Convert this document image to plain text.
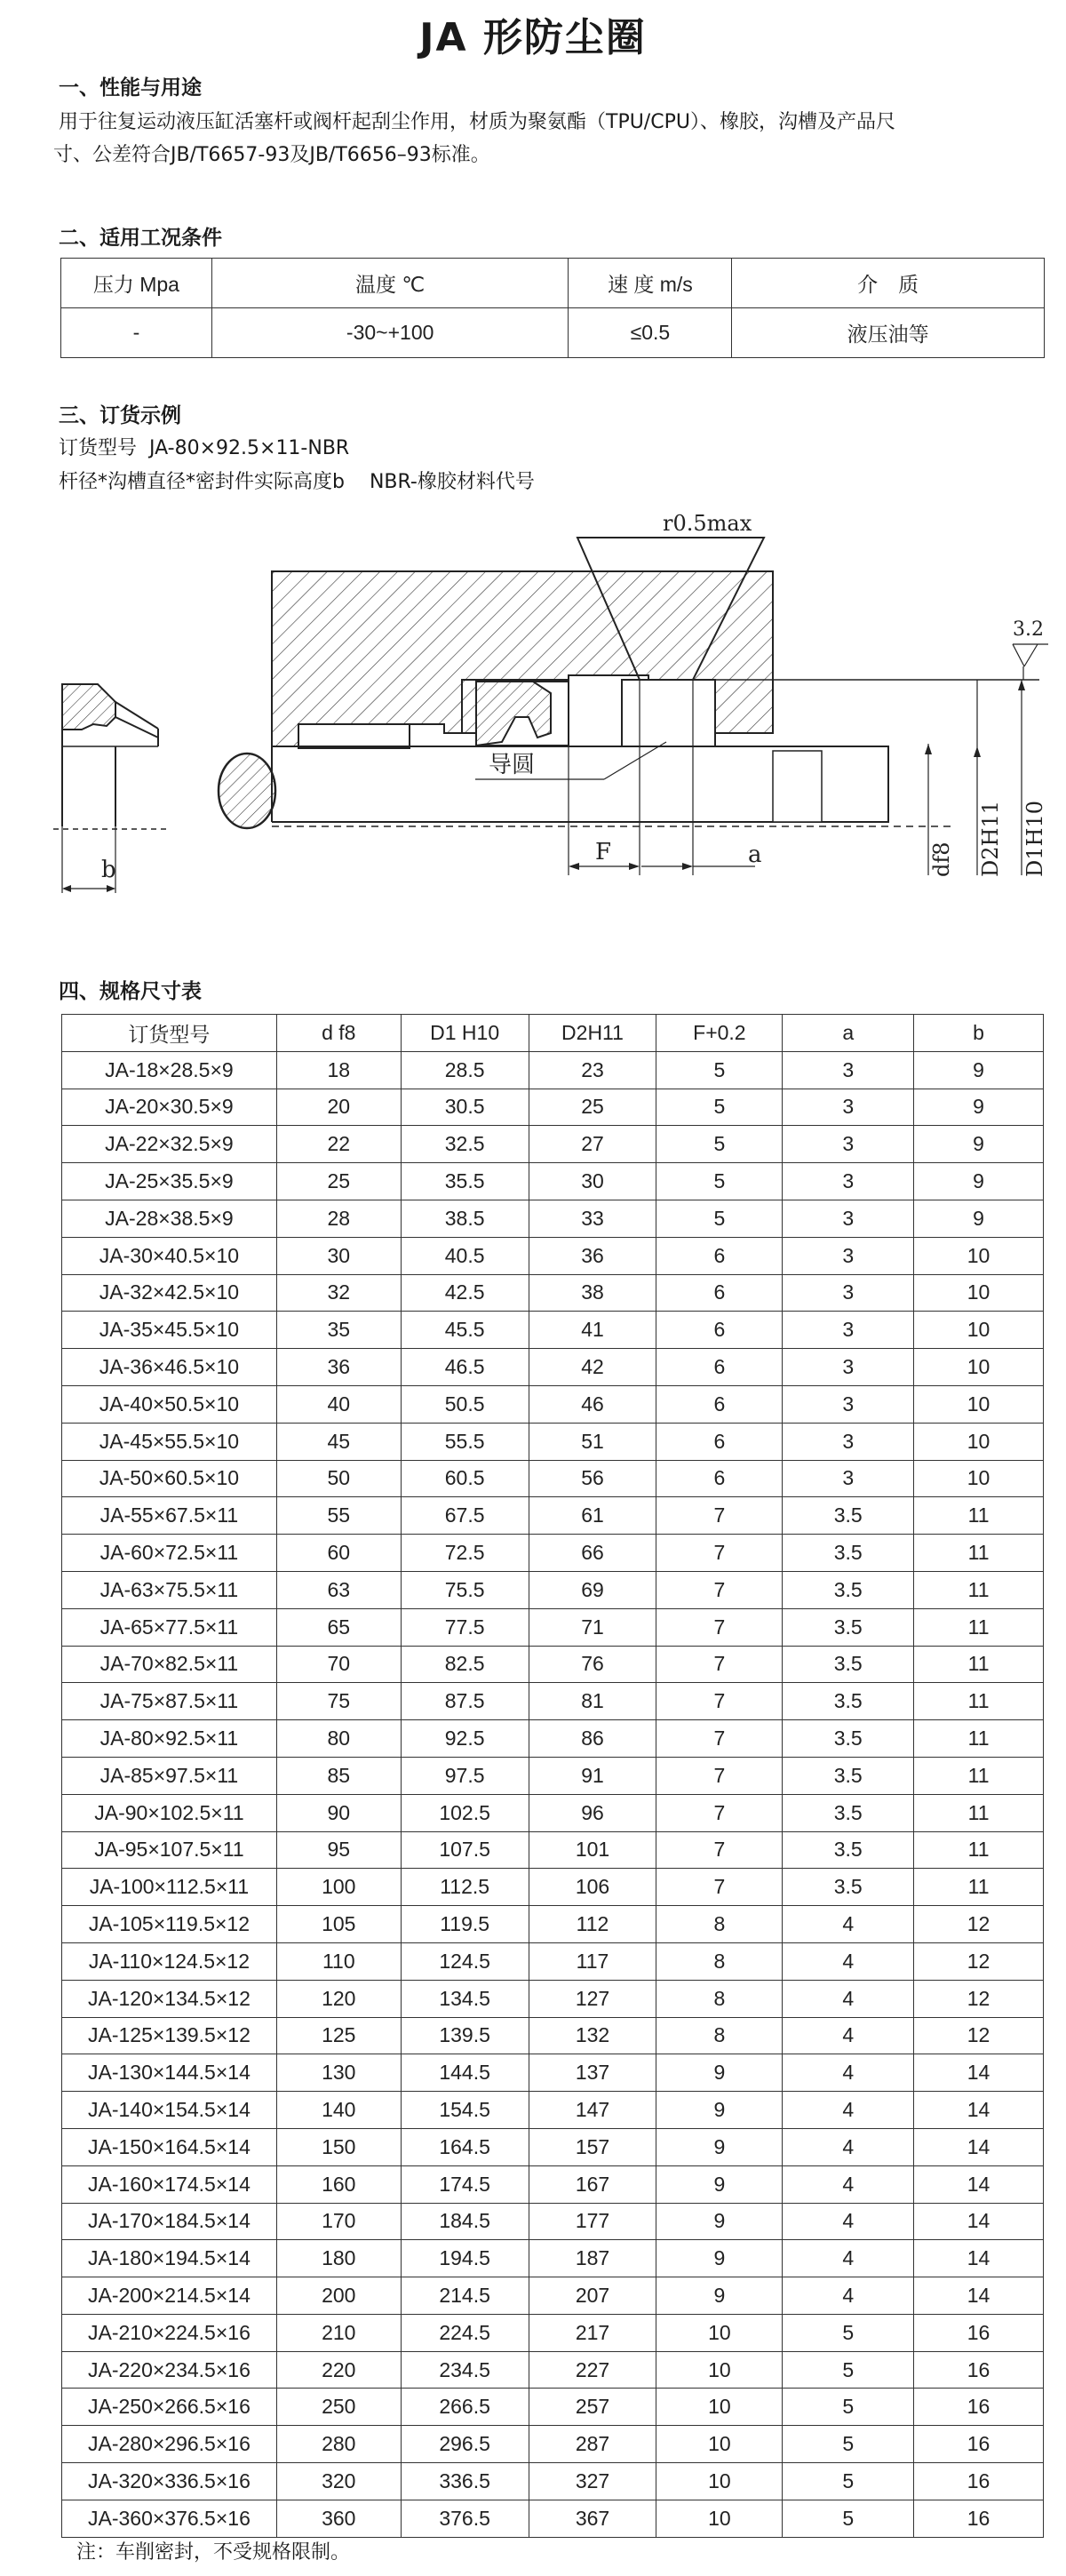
JA 形防尘圈
一、性能与用途
用于往复运动液压缸活塞杆或阀杆起刮尘作用，材质为聚氨酯（TPU/CPU）、橡胶，沟槽及产品尺
寸、公差符合JB/T6657-93及JB/T6656–93标准。
二、适用工况条件
压力 Mpa	温度 ℃	速 度 m/s	介　质
-	-30~+100	≤0.5	液压油等
三、订货示例
订货型号  JA-80×92.5×11-NBR
杆径*沟槽直径*密封件实际高度b    NBR-橡胶材料代号
b
r0.5max
导圆
F	a	df8 D2H11 D1H10
3.2
四、规格尺寸表
订货型号	d f8	D1 H10	D2H11	F+0.2	a	b
JA-18×28.5×9	18	28.5	23	5	3	9
JA-20×30.5×9	20	30.5	25	5	3	9
JA-22×32.5×9	22	32.5	27	5	3	9
JA-25×35.5×9	25	35.5	30	5	3	9
JA-28×38.5×9	28	38.5	33	5	3	9
JA-30×40.5×10	30	40.5	36	6	3	10
JA-32×42.5×10	32	42.5	38	6	3	10
JA-35×45.5×10	35	45.5	41	6	3	10
JA-36×46.5×10	36	46.5	42	6	3	10
JA-40×50.5×10	40	50.5	46	6	3	10
JA-45×55.5×10	45	55.5	51	6	3	10
JA-50×60.5×10	50	60.5	56	6	3	10
JA-55×67.5×11	55	67.5	61	7	3.5	11
JA-60×72.5×11	60	72.5	66	7	3.5	11
JA-63×75.5×11	63	75.5	69	7	3.5	11
JA-65×77.5×11	65	77.5	71	7	3.5	11
JA-70×82.5×11	70	82.5	76	7	3.5	11
JA-75×87.5×11	75	87.5	81	7	3.5	11
JA-80×92.5×11	80	92.5	86	7	3.5	11
JA-85×97.5×11	85	97.5	91	7	3.5	11
JA-90×102.5×11	90	102.5	96	7	3.5	11
JA-95×107.5×11	95	107.5	101	7	3.5	11
JA-100×112.5×11	100	112.5	106	7	3.5	11
JA-105×119.5×12	105	119.5	112	8	4	12
JA-110×124.5×12	110	124.5	117	8	4	12
JA-120×134.5×12	120	134.5	127	8	4	12
JA-125×139.5×12	125	139.5	132	8	4	12
JA-130×144.5×14	130	144.5	137	9	4	14
JA-140×154.5×14	140	154.5	147	9	4	14
JA-150×164.5×14	150	164.5	157	9	4	14
JA-160×174.5×14	160	174.5	167	9	4	14
JA-170×184.5×14	170	184.5	177	9	4	14
JA-180×194.5×14	180	194.5	187	9	4	14
JA-200×214.5×14	200	214.5	207	9	4	14
JA-210×224.5×16	210	224.5	217	10	5	16
JA-220×234.5×16	220	234.5	227	10	5	16
JA-250×266.5×16	250	266.5	257	10	5	16
JA-280×296.5×16	280	296.5	287	10	5	16
JA-320×336.5×16	320	336.5	327	10	5	16
JA-360×376.5×16	360	376.5	367	10	5	16
注：车削密封，不受规格限制。
